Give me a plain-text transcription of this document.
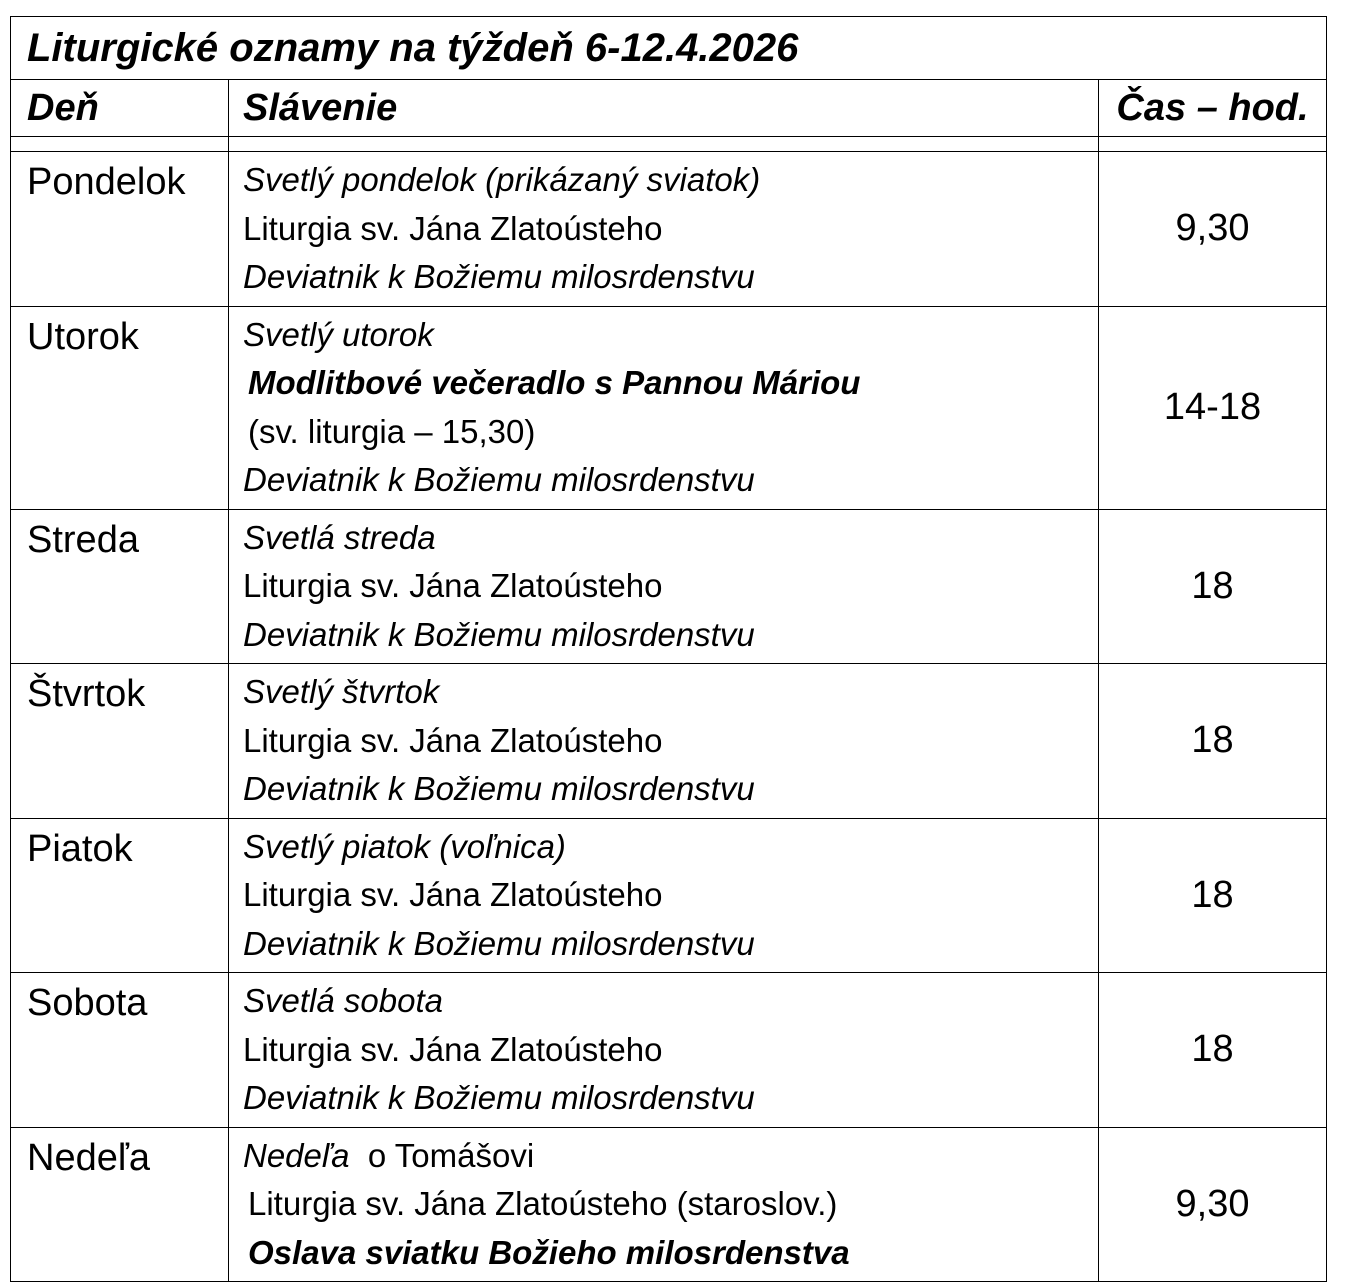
Liturgické oznamy na týždeň 6-12.4.2026		
Deň	Slávenie	Čas – hod.

Pondelok	Svetlý pondelok (prikázaný sviatok)
Liturgia sv. Jána Zlatoústeho
Deviatnik k Božiemu milosrdenstvu	9,30
Utorok	Svetlý utorok
Modlitbové večeradlo s Pannou Máriou
(sv. liturgia – 15,30)
Deviatnik k Božiemu milosrdenstvu	14-18
Streda	Svetlá streda
Liturgia sv. Jána Zlatoústeho
Deviatnik k Božiemu milosrdenstvu	18
Štvrtok	Svetlý štvrtok
Liturgia sv. Jána Zlatoústeho
Deviatnik k Božiemu milosrdenstvu	18
Piatok	Svetlý piatok (voľnica)
Liturgia sv. Jána Zlatoústeho
Deviatnik k Božiemu milosrdenstvu	18
Sobota	Svetlá sobota
Liturgia sv. Jána Zlatoústeho
Deviatnik k Božiemu milosrdenstvu	18
Nedeľa	Nedeľa  o Tomášovi
Liturgia sv. Jána Zlatoústeho (staroslov.)
Oslava sviatku Božieho milosrdenstva	9,30
